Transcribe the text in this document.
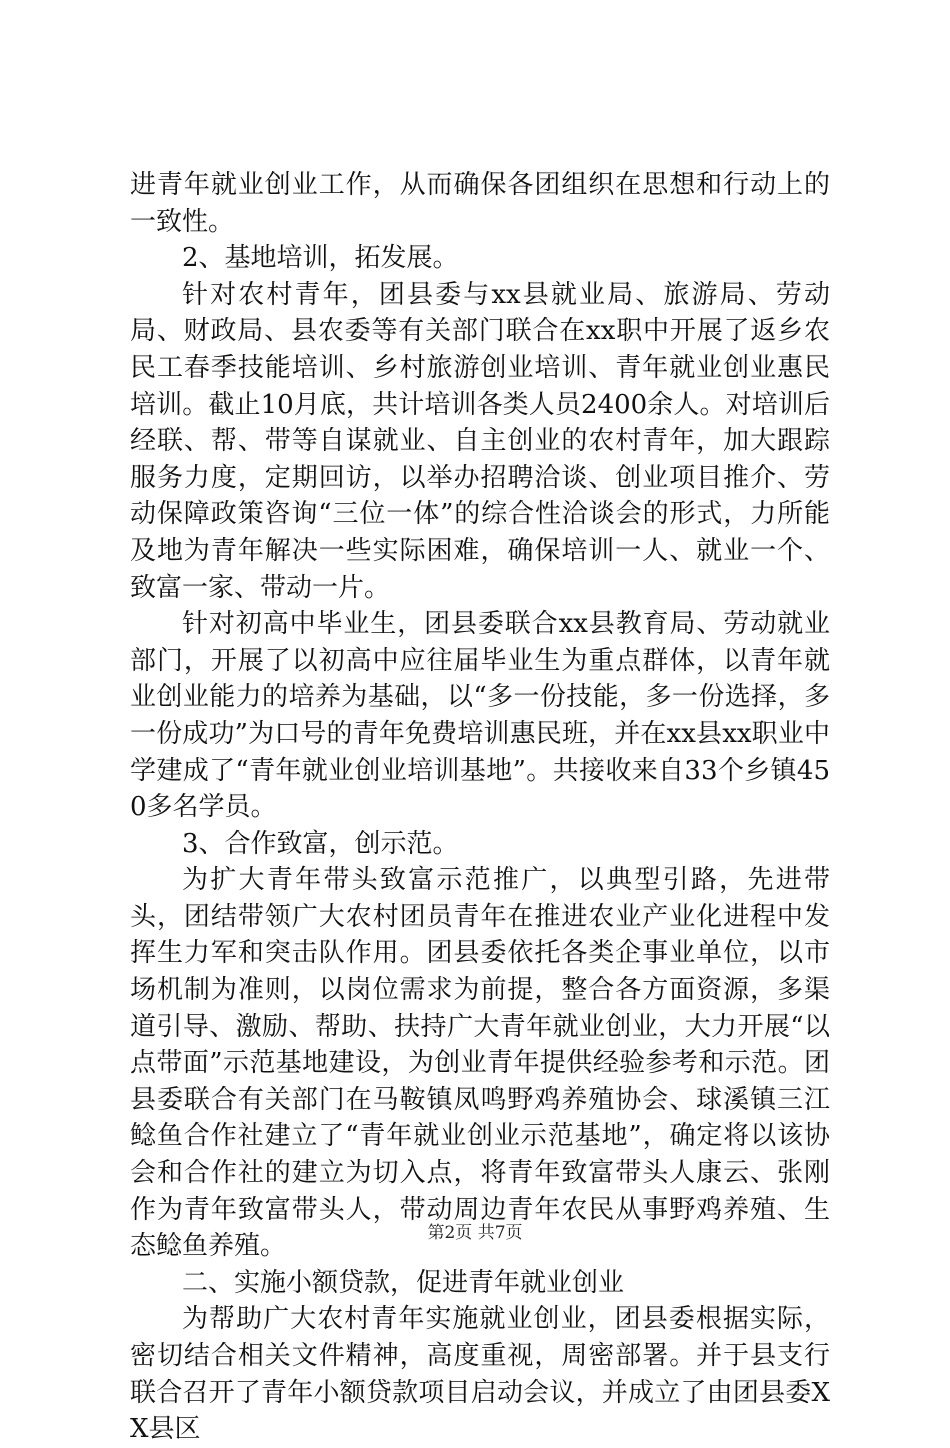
进青年就业创业工作，从而确保各团组织在思想和行动上的一致性。

2、基地培训，拓发展。

针对农村青年，团县委与xx县就业局、旅游局、劳动局、财政局、县农委等有关部门联合在xx职中开展了返乡农民工春季技能培训、乡村旅游创业培训、青年就业创业惠民培训。截止10月底，共计培训各类人员2400余人。对培训后经联、帮、带等自谋就业、自主创业的农村青年，加大跟踪服务力度，定期回访，以举办招聘洽谈、创业项目推介、劳动保障政策咨询“三位一体”的综合性洽谈会的形式，力所能及地为青年解决一些实际困难，确保培训一人、就业一个、致富一家、带动一片。

针对初高中毕业生，团县委联合xx县教育局、劳动就业部门，开展了以初高中应往届毕业生为重点群体，以青年就业创业能力的培养为基础，以“多一份技能，多一份选择，多一份成功”为口号的青年免费培训惠民班，并在xx县xx职业中学建成了“青年就业创业培训基地”。共接收来自33个乡镇450多名学员。

3、合作致富，创示范。

为扩大青年带头致富示范推广，以典型引路，先进带头，团结带领广大农村团员青年在推进农业产业化进程中发挥生力军和突击队作用。团县委依托各类企事业单位，以市场机制为准则，以岗位需求为前提，整合各方面资源，多渠道引导、激励、帮助、扶持广大青年就业创业，大力开展“以点带面”示范基地建设，为创业青年提供经验参考和示范。团县委联合有关部门在马鞍镇凤鸣野鸡养殖协会、球溪镇三江鲶鱼合作社建立了“青年就业创业示范基地”，确定将以该协会和合作社的建立为切入点，将青年致富带头人康云、张刚作为青年致富带头人，带动周边青年农民从事野鸡养殖、生态鲶鱼养殖。

二、实施小额贷款，促进青年就业创业

为帮助广大农村青年实施就业创业，团县委根据实际，密切结合相关文件精神，高度重视，周密部署。并于县支行联合召开了青年小额贷款项目启动会议，并成立了由团县委XX县区

第2页 共7页
